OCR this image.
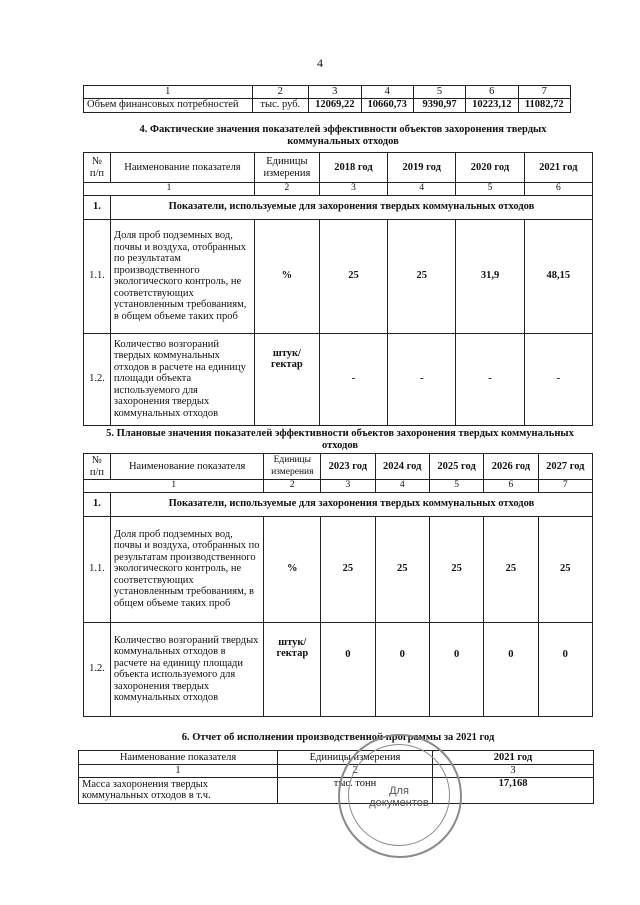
4
1	2	3	4	5	6	7
Объем финансовых потребностей	тыс. руб.	12069,22	10660,73	9390,97	10223,12	11082,72
4. Фактические значения показателей эффективности объектов захоронения твердых
коммунальных отходов
№ п/п	Наименование показателя	Единицы измерения	2018 год	2019 год	2020 год	2021 год
1		2	3	4	5	6
1.	Показатели, используемые для захоронения твердых коммунальных отходов					
1.1.	Доля проб подземных вод, почвы и воздуха, отобранных по результатам производственного экологического контроль, не соответствующих установленным требованиям, в общем объеме таких проб	%	25	25	31,9	48,15
1.2.	Количество возгораний твердых коммунальных отходов в расчете на единицу площади объекта используемого для захоронения твердых коммунальных отходов	штук/ гектар	-	-	-	-
5. Плановые значения показателей эффективности объектов захоронения твердых коммунальных
отходов
№ п/п	Наименование показателя	Единицы измерения	2023 год	2024 год	2025 год	2026 год	2027 год
1		2	3	4	5	6	7
1.	Показатели, используемые для захоронения твердых коммунальных отходов						
1.1.	Доля проб подземных вод, почвы и воздуха, отобранных по результатам производственного экологического контроль, не соответствующих установленным требованиям, в общем объеме таких проб	%	25	25	25	25	25
1.2.	Количество возгораний твердых коммунальных отходов в расчете на единицу площади объекта используемого для захоронения твердых коммунальных отходов	штук/ гектар	0	0	0	0	0
6. Отчет об исполнении производственной программы за 2021 год
Наименование показателя	Единицы измерения	2021 год
1	2	3
Масса захоронения твердых коммунальных отходов в т.ч.	тыс. тонн	17,168
Для документов
